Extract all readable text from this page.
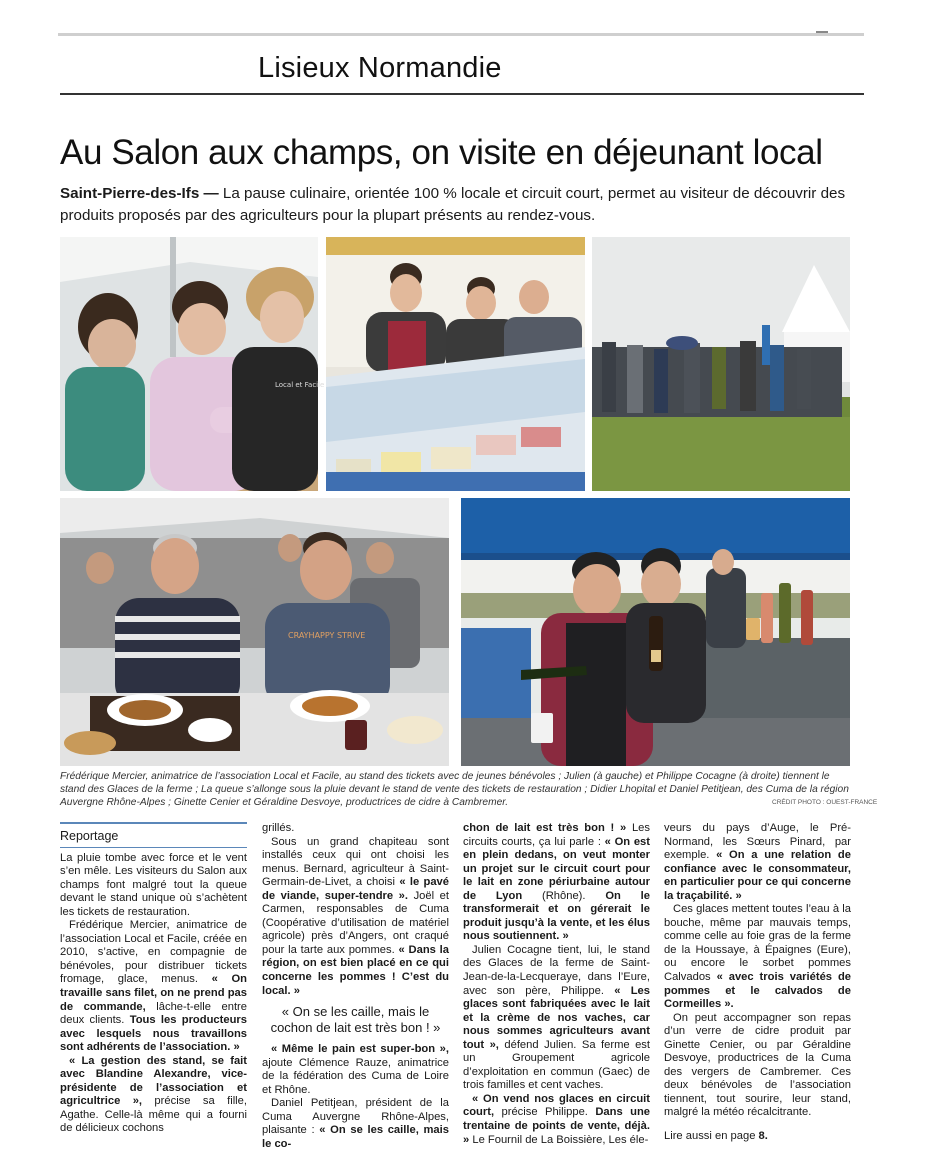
Lisieux Normandie
Au Salon aux champs, on visite en déjeunant local
Saint-Pierre-des-Ifs — La pause culinaire, orientée 100 % locale et circuit court, permet au visiteur de découvrir des produits proposés par des agriculteurs pour la plupart présents au rendez-vous.
Local et Facile
CRAYHAPPY STRIVE
Frédérique Mercier, animatrice de l’association Local et Facile, au stand des tickets avec de jeunes bénévoles ; Julien (à gauche) et Philippe Cocagne (à droite) tiennent le stand des Glaces de la ferme ; La queue s’allonge sous la pluie devant le stand de vente des tickets de restauration ; Didier Lhopital et Daniel Petitjean, des Cuma de la région Auvergne Rhône-Alpes ; Ginette Cenier et Géraldine Desvoye, productrices de cidre à Cambremer.	CRÉDIT PHOTO : OUEST-FRANCE
Reportage

La pluie tombe avec force et le vent s’en mêle. Les visiteurs du Salon aux champs font malgré tout la queue devant le stand unique où s’achètent les tickets de restauration.

Frédérique Mercier, animatrice de l’association Local et Facile, créée en 2010, s’active, en compagnie de bénévoles, pour distribuer tickets fromage, glace, menus. « On travaille sans filet, on ne prend pas de commande, lâche-t-elle entre deux clients. Tous les producteurs avec lesquels nous travaillons sont adhérents de l’association. »

« La gestion des stand, se fait avec Blandine Alexandre, vice-présidente de l’association et agricultrice », précise sa fille, Agathe. Celle-là même qui a fourni de délicieux cochons

grillés.

Sous un grand chapiteau sont installés ceux qui ont choisi les menus. Bernard, agriculteur à Saint-Germain-de-Livet, a choisi « le pavé de viande, super-tendre ». Joël et Carmen, responsables de Cuma (Coopérative d’utilisation de matériel agricole) près d’Angers, ont craqué pour la tarte aux pommes. « Dans la région, on est bien placé en ce qui concerne les pommes ! C’est du local. »

« On se les caille, mais le cochon de lait est très bon ! »

« Même le pain est super-bon », ajoute Clémence Rauze, animatrice de la fédération des Cuma de Loire et Rhône.

Daniel Petitjean, président de la Cuma Auvergne Rhône-Alpes, plaisante : « On se les caille, mais le co-

chon de lait est très bon ! » Les circuits courts, ça lui parle : « On est en plein dedans, on veut monter un projet sur le circuit court pour le lait en zone périurbaine autour de Lyon (Rhône). On le transformerait et on gérerait le produit jusqu’à la vente, et les élus nous soutiennent. »

Julien Cocagne tient, lui, le stand des Glaces de la ferme de Saint-Jean-de-la-Lecqueraye, dans l’Eure, avec son père, Philippe. « Les glaces sont fabriquées avec le lait et la crème de nos vaches, car nous sommes agriculteurs avant tout », défend Julien. Sa ferme est un Groupement agricole d’exploitation en commun (Gaec) de trois familles et cent vaches.

« On vend nos glaces en circuit court, précise Philippe. Dans une trentaine de points de vente, déjà. » Le Fournil de La Boissière, Les éle-

veurs du pays d’Auge, le Pré-Normand, les Sœurs Pinard, par exemple. « On a une relation de confiance avec le consommateur, en particulier pour ce qui concerne la traçabilité. »

Ces glaces mettent toutes l’eau à la bouche, même par mauvais temps, comme celle au foie gras de la ferme de la Houssaye, à Épaignes (Eure), ou encore le sorbet pommes Calvados « avec trois variétés de pommes et le calvados de Cormeilles ».

On peut accompagner son repas d’un verre de cidre produit par Ginette Cenier, ou par Géraldine Desvoye, productrices de la Cuma des vergers de Cambremer. Ces deux bénévoles de l’association tiennent, tout sourire, leur stand, malgré la météo récalcitrante.

Lire aussi en page 8.
